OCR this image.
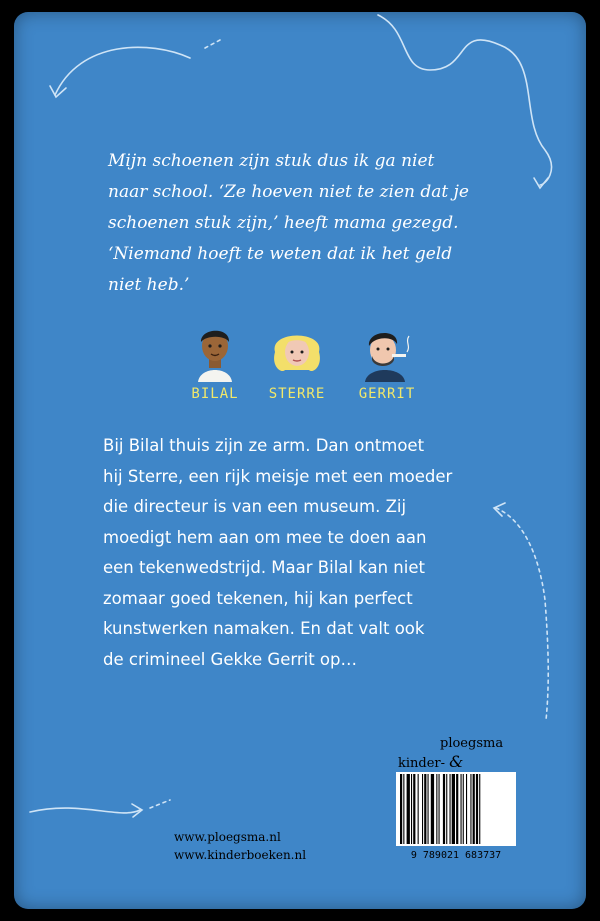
Mijn schoenen zijn stuk dus ik ga niet

naar school. ‘Ze hoeven niet te zien dat je

schoenen stuk zijn,’ heeft mama gezegd.

‘Niemand hoeft te weten dat ik het geld

niet heb.’

BILAL	STERRE	GERRIT

Bij Bilal thuis zijn ze arm. Dan ontmoet

hij Sterre, een rijk meisje met een moeder

die directeur is van een museum. Zij

moedigt hem aan om mee te doen aan

een tekenwedstrijd. Maar Bilal kan niet

zomaar goed tekenen, hij kan perfect

kunstwerken namaken. En dat valt ook

de crimineel Gekke Gerrit op…

ploegsma
kinder- &
9 789021 683737
www.ploegsma.nl
www.kinderboeken.nl
